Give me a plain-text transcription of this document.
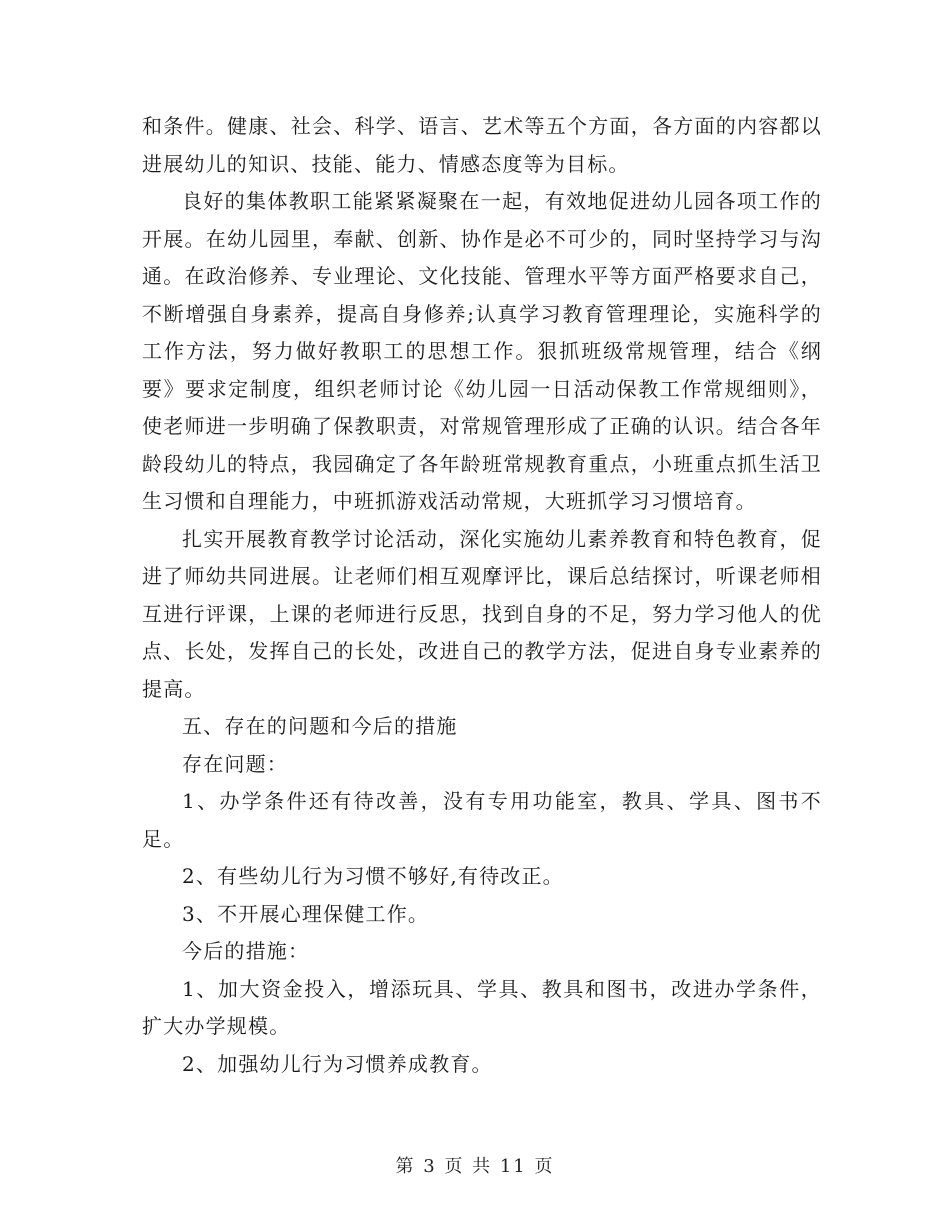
和条件。健康、社会、科学、语言、艺术等五个方面，各方面的内容都以进展幼儿的知识、技能、能力、情感态度等为目标。

良好的集体教职工能紧紧凝聚在一起，有效地促进幼儿园各项工作的开展。在幼儿园里，奉献、创新、协作是必不可少的，同时坚持学习与沟通。在政治修养、专业理论、文化技能、管理水平等方面严格要求自己，不断增强自身素养，提高自身修养;认真学习教育管理理论，实施科学的工作方法，努力做好教职工的思想工作。狠抓班级常规管理，结合《纲要》要求定制度，组织老师讨论《幼儿园一日活动保教工作常规细则》，使老师进一步明确了保教职责，对常规管理形成了正确的认识。结合各年龄段幼儿的特点，我园确定了各年龄班常规教育重点，小班重点抓生活卫生习惯和自理能力，中班抓游戏活动常规，大班抓学习习惯培育。

扎实开展教育教学讨论活动，深化实施幼儿素养教育和特色教育，促进了师幼共同进展。让老师们相互观摩评比，课后总结探讨，听课老师相互进行评课，上课的老师进行反思，找到自身的不足，努力学习他人的优点、长处，发挥自己的长处，改进自己的教学方法，促进自身专业素养的提高。

五、存在的问题和今后的措施

存在问题：

1、办学条件还有待改善，没有专用功能室，教具、学具、图书不足。

2、有些幼儿行为习惯不够好,有待改正。

3、不开展心理保健工作。

今后的措施：

1、加大资金投入，增添玩具、学具、教具和图书，改进办学条件，扩大办学规模。

2、加强幼儿行为习惯养成教育。

第 3 页 共 11 页
